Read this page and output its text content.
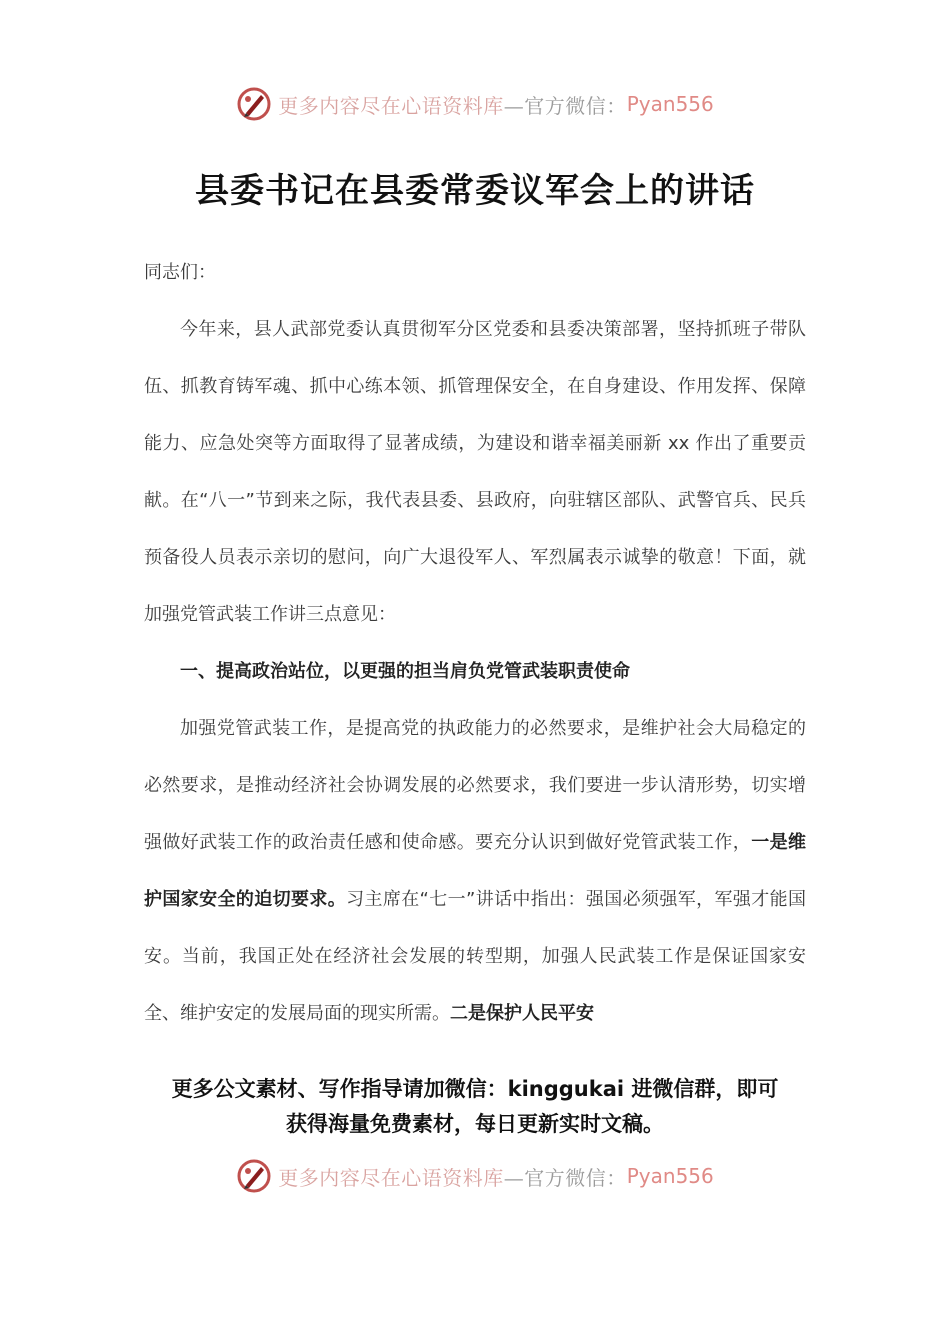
更多内容尽在心语资料库—官方微信： Pyan556
县委书记在县委常委议军会上的讲话

同志们：

今年来，县人武部党委认真贯彻军分区党委和县委决策部署，坚持抓班子带队伍、抓教育铸军魂、抓中心练本领、抓管理保安全，在自身建设、作用发挥、保障能力、应急处突等方面取得了显著成绩，为建设和谐幸福美丽新 xx 作出了重要贡献。在“八一”节到来之际，我代表县委、县政府，向驻辖区部队、武警官兵、民兵预备役人员表示亲切的慰问，向广大退役军人、军烈属表示诚挚的敬意！下面，就加强党管武装工作讲三点意见：

一、提高政治站位，以更强的担当肩负党管武装职责使命

加强党管武装工作，是提高党的执政能力的必然要求，是维护社会大局稳定的必然要求，是推动经济社会协调发展的必然要求，我们要进一步认清形势，切实增强做好武装工作的政治责任感和使命感。要充分认识到做好党管武装工作，一是维护国家安全的迫切要求。习主席在“七一”讲话中指出：强国必须强军，军强才能国安。当前，我国正处在经济社会发展的转型期，加强人民武装工作是保证国家安全、维护安定的发展局面的现实所需。二是保护人民平安

更多公文素材、写作指导请加微信：kinggukai 进微信群，即可
获得海量免费素材，每日更新实时文稿。
更多内容尽在心语资料库—官方微信： Pyan556
